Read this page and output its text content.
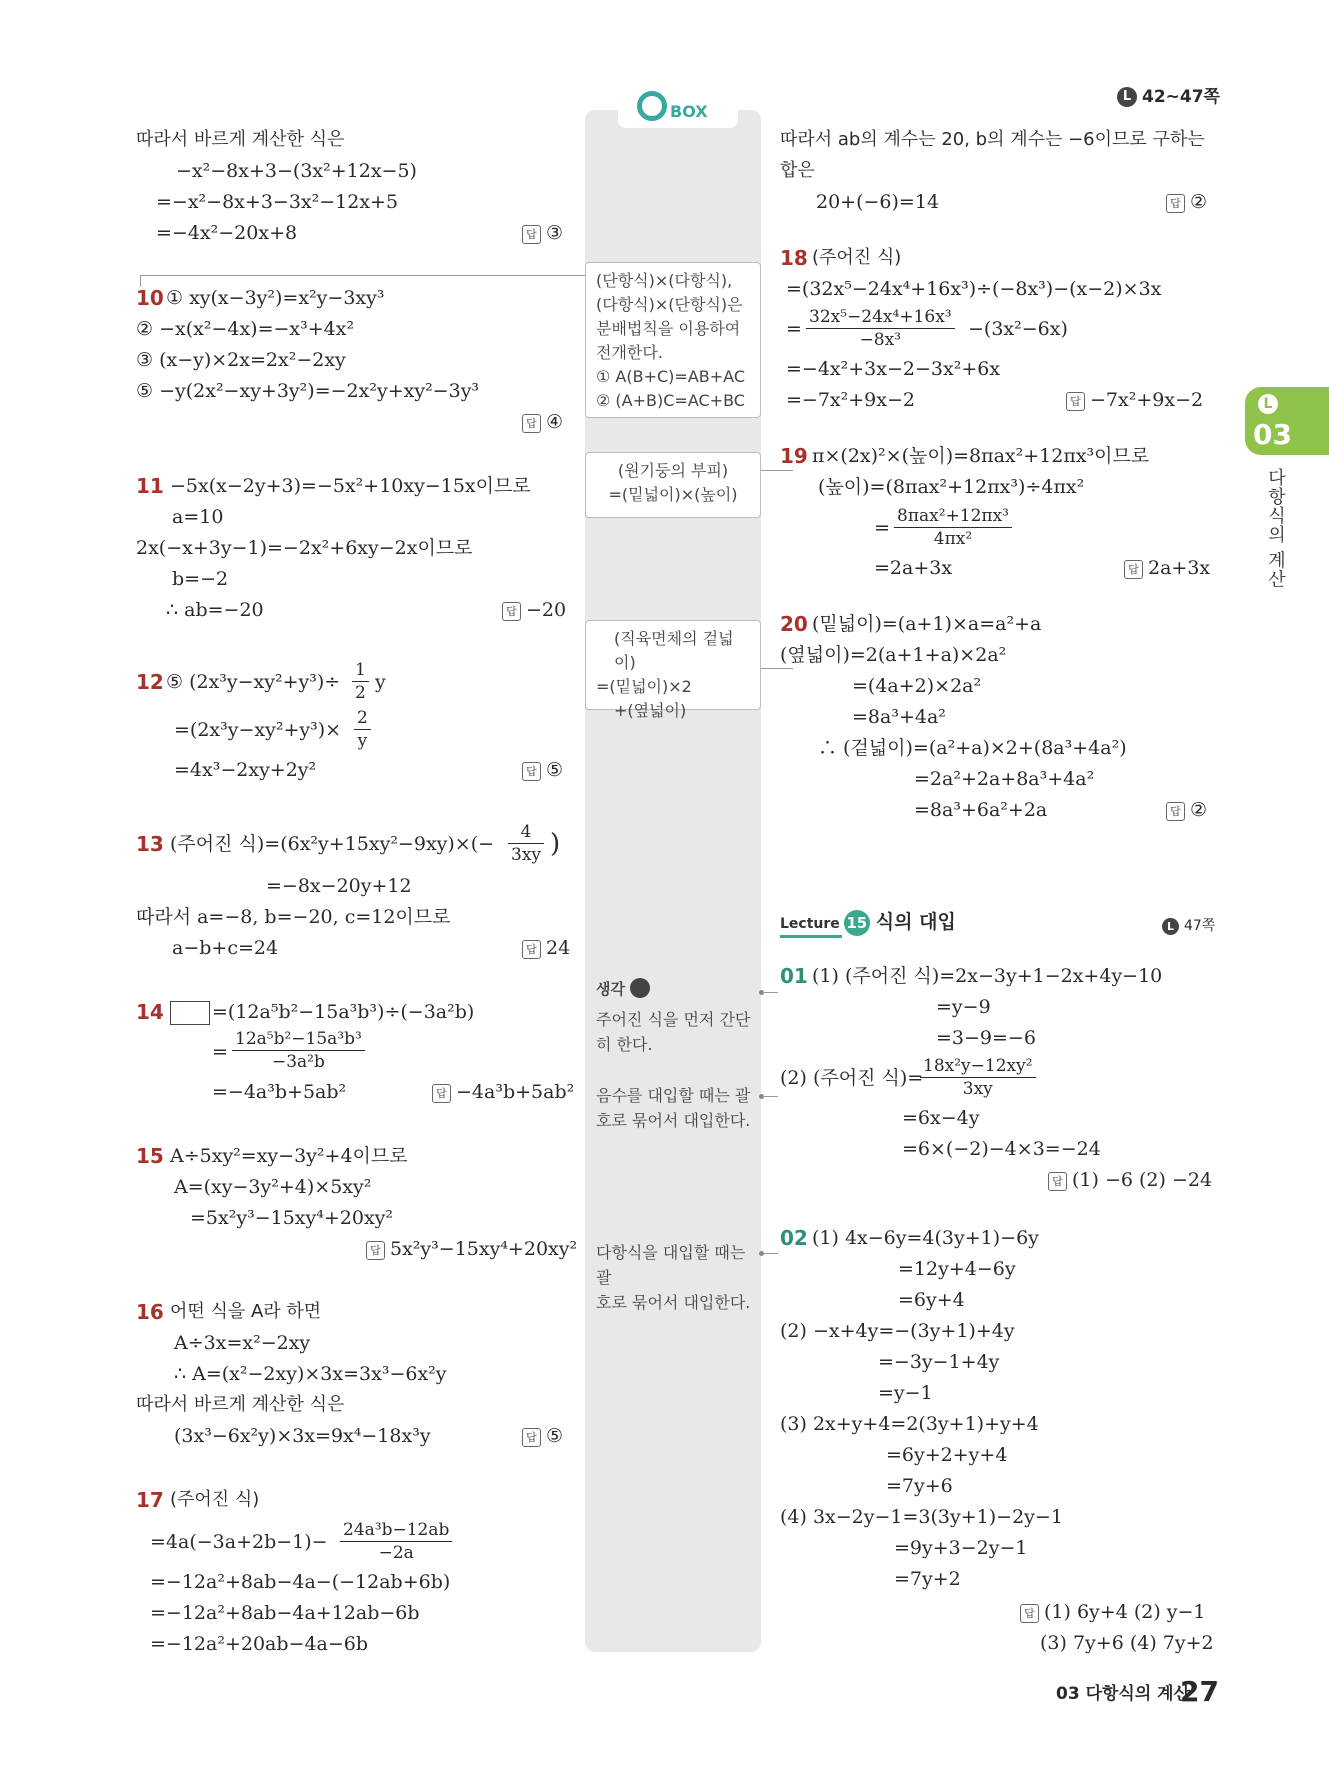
L 42~47쪽
BOX
L
03
다항식의 계산
따라서 바르게 계산한 식은
−x²−8x+3−(3x²+12x−5)
=−x²−8x+3−3x²−12x+5
=−4x²−20x+8	답 ③
10 ① xy(x−3y²)=x²y−3xy³
② −x(x²−4x)=−x³+4x²
③ (x−y)×2x=2x²−2xy
⑤ −y(2x²−xy+3y²)=−2x²y+xy²−3y³
답 ④
11 −5x(x−2y+3)=−5x²+10xy−15x이므로
a=10
2x(−x+3y−1)=−2x²+6xy−2x이므로
b=−2
∴ ab=−20	답 −20
12 ⑤ $(2x^3y-xy^2+y^3)\div \frac{1}{2}$ y
$=(2x^3y-xy^2+y^3)\times \frac{2}{y}$
=4x³−2xy+2y²	답 ⑤
13 (주어진 식)$=(6x^2y+15xy^2-9xy)\times(- \frac{4}{3xy}$ )
=−8x−20y+12
따라서 a=−8, b=−20, c=12이므로
a−b+c=24	답 24
14	=(12a⁵b²−15a³b³)÷(−3a²b)
= $\frac{\text{12a⁵b²−15a³b³}}{\text{−3a²b}}$
=−4a³b+5ab²	답 −4a³b+5ab²
15 A÷5xy²=xy−3y²+4이므로
A=(xy−3y²+4)×5xy²
=5x²y³−15xy⁴+20xy²
답 5x²y³−15xy⁴+20xy²
16 어떤 식을 A라 하면
A÷3x=x²−2xy
∴ A=(x²−2xy)×3x=3x³−6x²y
따라서 바르게 계산한 식은
(3x³−6x²y)×3x=9x⁴−18x³y	답 ⑤
17 (주어진 식)
$=4a(-3a+2b-1)- \frac{\text{24a³b−12ab}}{-2a}$
=−12a²+8ab−4a−(−12ab+6b)
=−12a²+8ab−4a+12ab−6b
=−12a²+20ab−4a−6b
(단항식)×(다항식),
(다항식)×(단항식)은
분배법칙을 이용하여
전개한다.
① A(B+C)=AB+AC
② (A+B)C=AC+BC
(원기둥의 부피)
=(밑넓이)×(높이)
(직육면체의 겉넓이)
=(밑넓이)×2
+(옆넓이)
생각
주어진 식을 먼저 간단
히 한다.
음수를 대입할 때는 괄
호로 묶어서 대입한다.
다항식을 대입할 때는 괄
호로 묶어서 대입한다.
따라서 ab의 계수는 20, b의 계수는 −6이므로 구하는
합은
20+(−6)=14	답 ②
18 (주어진 식)
=(32x⁵−24x⁴+16x³)÷(−8x³)−(x−2)×3x
= $\frac{\text{32x⁵−24x⁴+16x³}}{\text{−8x³}} -(3x^2-6x)$
=−4x²+3x−2−3x²+6x
=−7x²+9x−2	답 −7x²+9x−2
19 π×(2x)²×(높이)=8πax²+12πx³이므로
(높이)=(8πax²+12πx³)÷4πx²
=
8πax²+12πx³
4πx²
=2a+3x	답 2a+3x
20 (밑넓이)=(a+1)×a=a²+a
(옆넓이)=2(a+1+a)×2a²
=(4a+2)×2a²
=8a³+4a²
∴ (겉넓이)=(a²+a)×2+(8a³+4a²)
=2a²+2a+8a³+4a²
=8a³+6a²+2a	답 ②
Lecture 15 식의 대입	L 47쪽
01 (1) (주어진 식)=2x−3y+1−2x+4y−10
=y−9
=3−9=−6
(2) (주어진 식)=
$\frac{\text{18x²y−12xy²}}{3xy}$
=6x−4y
=6×(−2)−4×3=−24
답 (1) −6 (2) −24
02 (1) 4x−6y=4(3y+1)−6y
=12y+4−6y
=6y+4
(2) −x+4y=−(3y+1)+4y
=−3y−1+4y
=y−1
(3) 2x+y+4=2(3y+1)+y+4
=6y+2+y+4
=7y+6
(4) 3x−2y−1=3(3y+1)−2y−1
=9y+3−2y−1
=7y+2
답 (1) 6y+4 (2) y−1
(3) 7y+6 (4) 7y+2
03 다항식의 계산
27
